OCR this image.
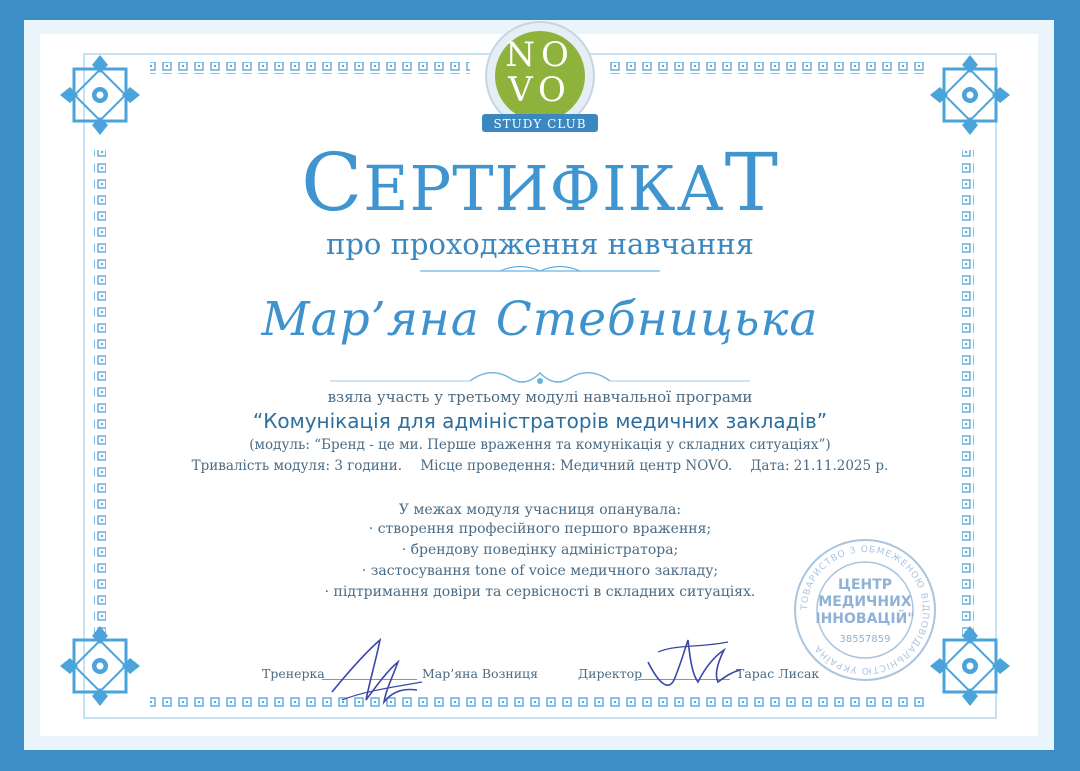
NO
VO
STUDY CLUB
СЕРТИФІКАТ
про проходження навчання
Мар’яна Стебницька
взяла участь у третьому модулі навчальної програми
“Комунікація для адміністраторів медичних закладів”
(модуль: “Бренд - це ми. Перше враження та комунікація у складних ситуаціях”)
Тривалість модуля: 3 години. Місце проведення: Медичний центр NOVO. Дата: 21.11.2025 р.
У межах модуля учасниця опанувала:
· створення професійного першого враження;
· брендову поведінку адміністратора;
· застосування tone of voice медичного закладу;
· підтримання довіри та сервісності в складних ситуаціях.
ТОВАРИСТВО З ОБМЕЖЕНОЮ ВІДПОВІДАЛЬНІСТЮ УКРАЇНА
ЦЕНТР
МЕДИЧНИХ
ІННОВАЦІЙ"
38557859
Тренерка	Мар’яна Возниця	Директор	Тарас Лисак
